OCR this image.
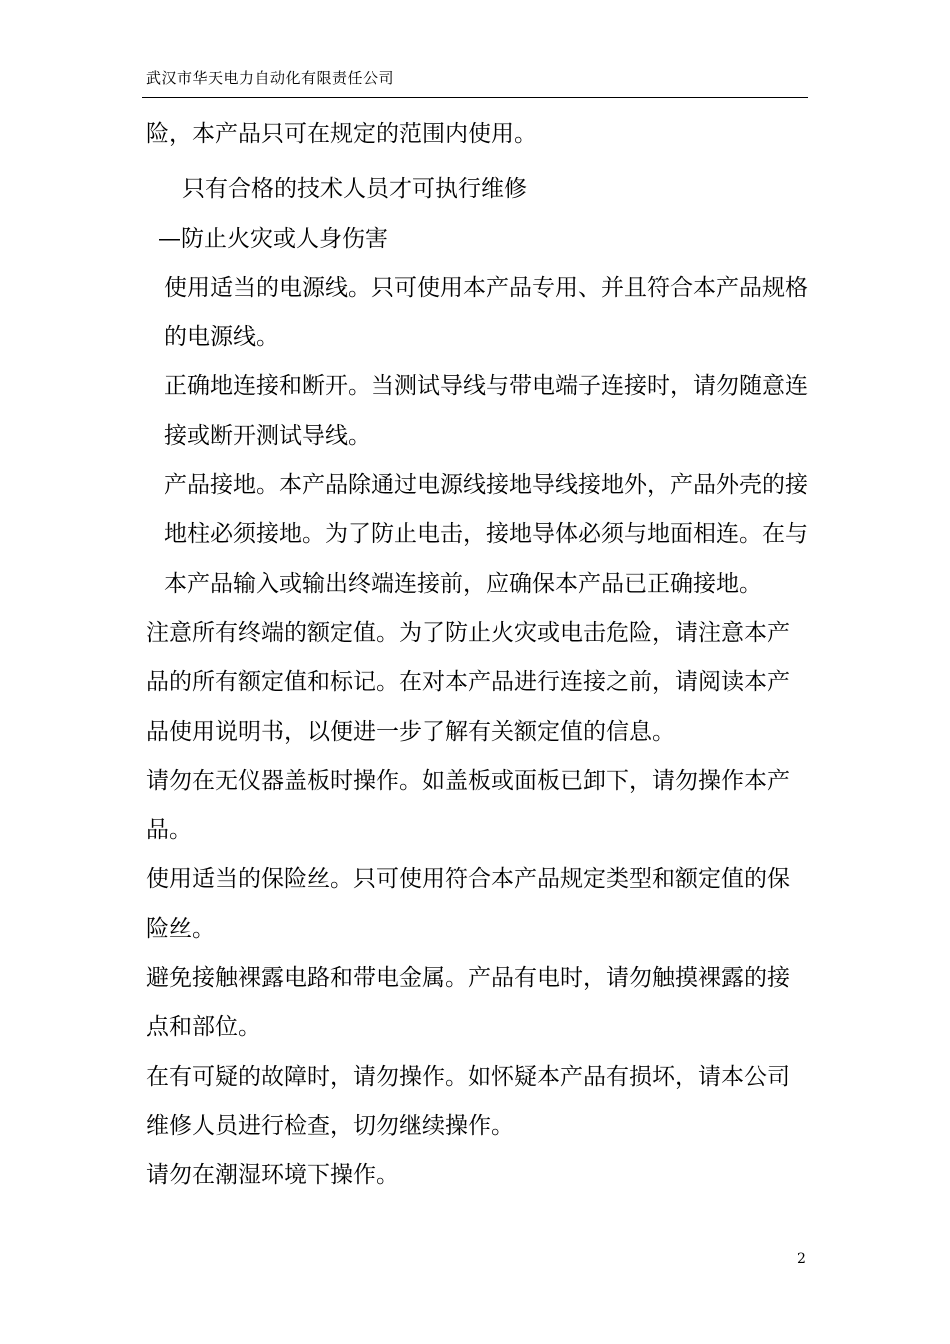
武汉市华天电力自动化有限责任公司

险，本产品只可在规定的范围内使用。

只有合格的技术人员才可执行维修

—防止火灾或人身伤害

使用适当的电源线。只可使用本产品专用、并且符合本产品规格的电源线。

正确地连接和断开。当测试导线与带电端子连接时，请勿随意连接或断开测试导线。

产品接地。本产品除通过电源线接地导线接地外，产品外壳的接地柱必须接地。为了防止电击，接地导体必须与地面相连。在与本产品输入或输出终端连接前，应确保本产品已正确接地。

注意所有终端的额定值。为了防止火灾或电击危险，请注意本产品的所有额定值和标记。在对本产品进行连接之前，请阅读本产品使用说明书，以便进一步了解有关额定值的信息。

请勿在无仪器盖板时操作。如盖板或面板已卸下，请勿操作本产品。

使用适当的保险丝。只可使用符合本产品规定类型和额定值的保险丝。

避免接触裸露电路和带电金属。产品有电时，请勿触摸裸露的接点和部位。

在有可疑的故障时，请勿操作。如怀疑本产品有损坏，请本公司维修人员进行检查，切勿继续操作。

请勿在潮湿环境下操作。

2
